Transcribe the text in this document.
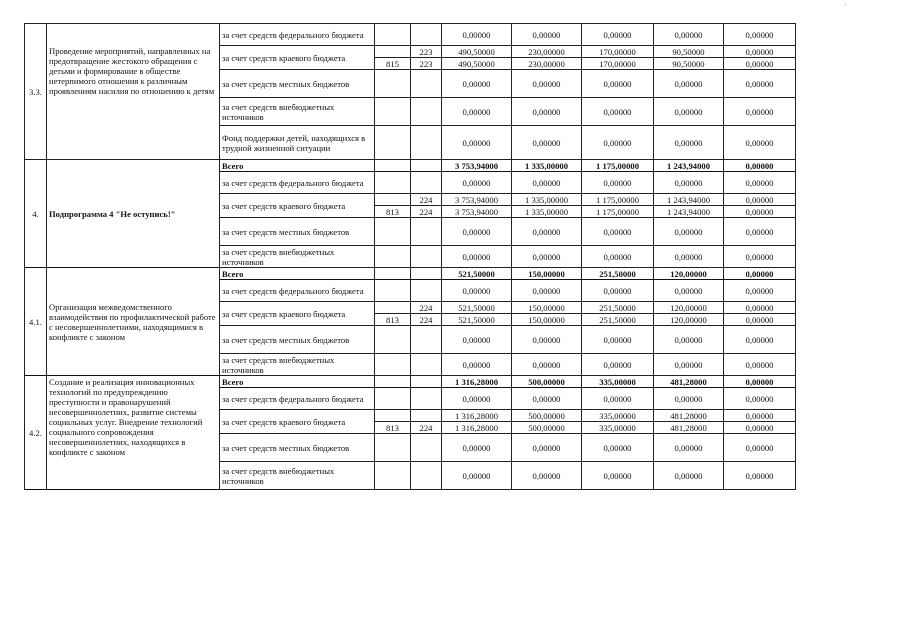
˙
3.3.	Проведение мероприятий, направленных на предотвращение жестокого обращения с детьми и формирование в обществе нетерпимого отношения к различным проявлениям насилия по отношению к детям	за счет средств федерального бюджета			0,00000	0,00000	0,00000	0,00000	0,00000
		за счет средств краевого бюджета		223	490,50000	230,00000	170,00000	90,50000	0,00000
			815	223	490,50000	230,00000	170,00000	90,50000	0,00000
		за счет средств местных бюджетов			0,00000	0,00000	0,00000	0,00000	0,00000
		за счет средств внебюджетных источников			0,00000	0,00000	0,00000	0,00000	0,00000
		Фонд поддержки детей, находящихся в трудной жизненной ситуации			0,00000	0,00000	0,00000	0,00000	0,00000
4.	Подпрограмма 4 "Не оступись!"	Всего			3 753,94000	1 335,00000	1 175,00000	1 243,94000	0,00000
		за счет средств федерального бюджета			0,00000	0,00000	0,00000	0,00000	0,00000
		за счет средств краевого бюджета		224	3 753,94000	1 335,00000	1 175,00000	1 243,94000	0,00000
			813	224	3 753,94000	1 335,00000	1 175,00000	1 243,94000	0,00000
		за счет средств местных бюджетов			0,00000	0,00000	0,00000	0,00000	0,00000
		за счет средств внебюджетных источников			0,00000	0,00000	0,00000	0,00000	0,00000
4.1.	Организация межведомственного взаимодействия по профилактической работе с несовершеннолетними, находящимися в конфликте с законом	Всего			521,50000	150,00000	251,50000	120,00000	0,00000
		за счет средств федерального бюджета			0,00000	0,00000	0,00000	0,00000	0,00000
		за счет средств краевого бюджета		224	521,50000	150,00000	251,50000	120,00000	0,00000
			813	224	521,50000	150,00000	251,50000	120,00000	0,00000
		за счет средств местных бюджетов			0,00000	0,00000	0,00000	0,00000	0,00000
		за счет средств внебюджетных источников			0,00000	0,00000	0,00000	0,00000	0,00000
4.2.	Создание и реализация инновационных технологий по предупреждению преступности и правонарушений несовершеннолетних, развитие системы социальных услуг. Внедрение технологий социального сопровождения несовершеннолетних, находящихся в конфликте с законом	Всего			1 316,28000	500,00000	335,00000	481,28000	0,00000
		за счет средств федерального бюджета			0,00000	0,00000	0,00000	0,00000	0,00000
		за счет средств краевого бюджета			1 316,28000	500,00000	335,00000	481,28000	0,00000
			813	224	1 316,28000	500,00000	335,00000	481,28000	0,00000
		за счет средств местных бюджетов			0,00000	0,00000	0,00000	0,00000	0,00000
		за счет средств внебюджетных источников			0,00000	0,00000	0,00000	0,00000	0,00000
